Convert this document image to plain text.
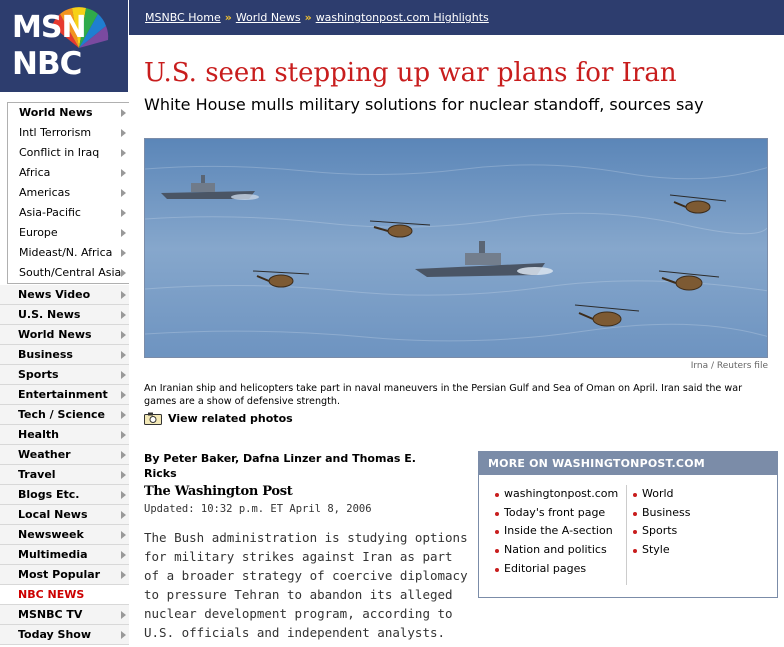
MSN
NBC
MSNBC Home » World News » washingtonpost.com Highlights
World News
Intl Terrorism
Conflict in Iraq
Africa
Americas
Asia-Pacific
Europe
Mideast/N. Africa
South/Central Asia
News Video
U.S. News
World News
Business
Sports
Entertainment
Tech / Science
Health
Weather
Travel
Blogs Etc.
Local News
Newsweek
Multimedia
Most Popular
NBC NEWS
MSNBC TV
Today Show
U.S. seen stepping up war plans for Iran
White House mulls military solutions for nuclear standoff, sources say
Irna / Reuters file
An Iranian ship and helicopters take part in naval maneuvers in the Persian Gulf and Sea of Oman on April. Iran said the war games are a show of defensive strength.
View related photos
By Peter Baker, Dafna Linzer and Thomas E. Ricks
The Washington Post
Updated: 10:32 p.m. ET April 8, 2006
The Bush administration is studying options for military strikes against Iran as part of a broader strategy of coercive diplomacy to pressure Tehran to abandon its alleged nuclear development program, according to U.S. officials and independent analysts.
MORE ON WASHINGTONPOST.COM
washingtonpost.com
Today's front page
Inside the A-section
Nation and politics
Editorial pages
World
Business
Sports
Style
